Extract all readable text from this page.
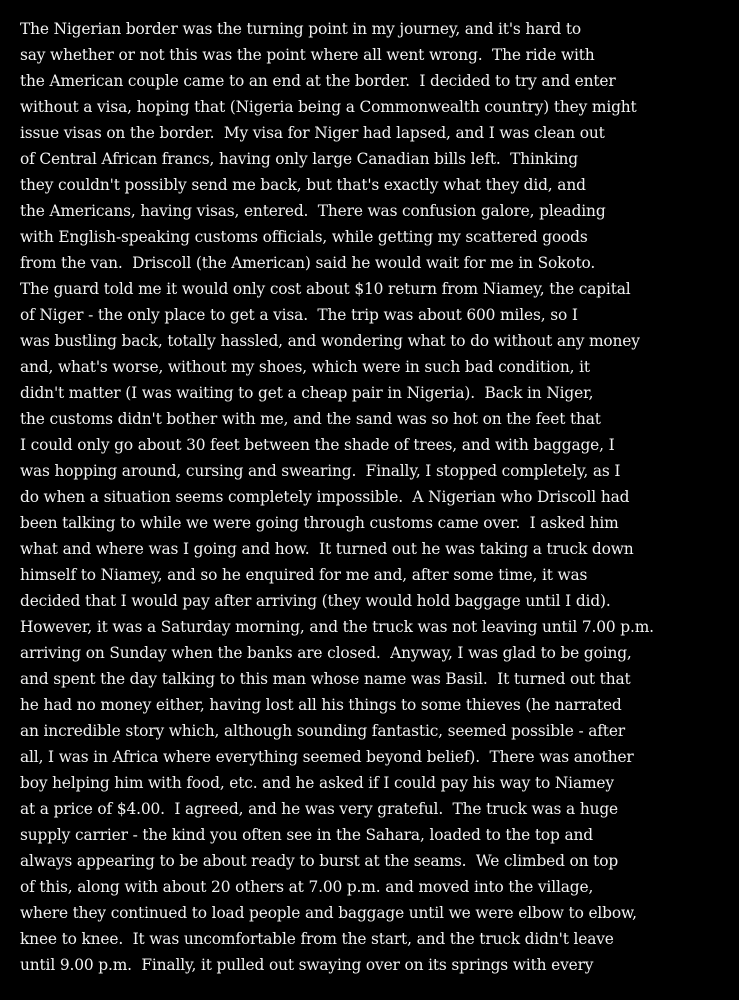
The Nigerian border was the turning point in my journey, and it's hard to
say whether or not this was the point where all went wrong.  The ride with
the American couple came to an end at the border.  I decided to try and enter
without a visa, hoping that (Nigeria being a Commonwealth country) they might
issue visas on the border.  My visa for Niger had lapsed, and I was clean out
of Central African francs, having only large Canadian bills left.  Thinking
they couldn't possibly send me back, but that's exactly what they did, and
the Americans, having visas, entered.  There was confusion galore, pleading
with English-speaking customs officials, while getting my scattered goods
from the van.  Driscoll (the American) said he would wait for me in Sokoto.
The guard told me it would only cost about $10 return from Niamey, the capital
of Niger - the only place to get a visa.  The trip was about 600 miles, so I
was bustling back, totally hassled, and wondering what to do without any money
and, what's worse, without my shoes, which were in such bad condition, it
didn't matter (I was waiting to get a cheap pair in Nigeria).  Back in Niger,
the customs didn't bother with me, and the sand was so hot on the feet that
I could only go about 30 feet between the shade of trees, and with baggage, I
was hopping around, cursing and swearing.  Finally, I stopped completely, as I
do when a situation seems completely impossible.  A Nigerian who Driscoll had
been talking to while we were going through customs came over.  I asked him
what and where was I going and how.  It turned out he was taking a truck down
himself to Niamey, and so he enquired for me and, after some time, it was
decided that I would pay after arriving (they would hold baggage until I did).
However, it was a Saturday morning, and the truck was not leaving until 7.00 p.m.
arriving on Sunday when the banks are closed.  Anyway, I was glad to be going,
and spent the day talking to this man whose name was Basil.  It turned out that
he had no money either, having lost all his things to some thieves (he narrated
an incredible story which, although sounding fantastic, seemed possible - after
all, I was in Africa where everything seemed beyond belief).  There was another
boy helping him with food, etc. and he asked if I could pay his way to Niamey
at a price of $4.00.  I agreed, and he was very grateful.  The truck was a huge
supply carrier - the kind you often see in the Sahara, loaded to the top and
always appearing to be about ready to burst at the seams.  We climbed on top
of this, along with about 20 others at 7.00 p.m. and moved into the village,
where they continued to load people and baggage until we were elbow to elbow,
knee to knee.  It was uncomfortable from the start, and the truck didn't leave
until 9.00 p.m.  Finally, it pulled out swaying over on its springs with every
